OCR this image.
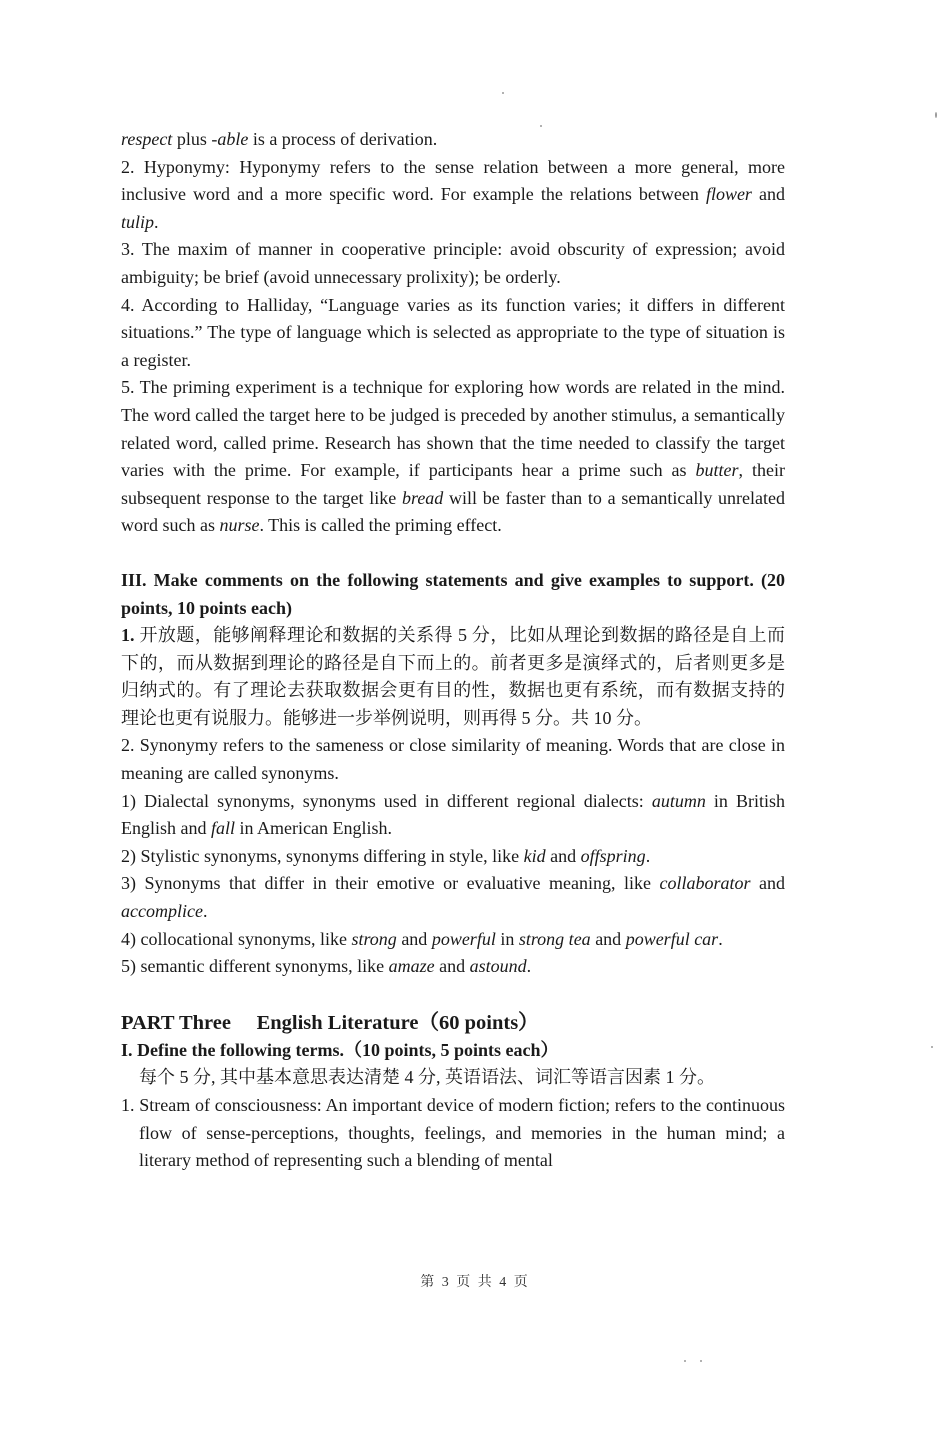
respect plus -able is a process of derivation.

2. Hyponymy: Hyponymy refers to the sense relation between a more general, more inclusive word and a more specific word. For example the relations between flower and tulip.

3. The maxim of manner in cooperative principle: avoid obscurity of expression; avoid ambiguity; be brief (avoid unnecessary prolixity); be orderly.

4. According to Halliday, “Language varies as its function varies; it differs in different situations.” The type of language which is selected as appropriate to the type of situation is a register.

5. The priming experiment is a technique for exploring how words are related in the mind. The word called the target here to be judged is preceded by another stimulus, a semantically related word, called prime. Research has shown that the time needed to classify the target varies with the prime. For example, if participants hear a prime such as butter, their subsequent response to the target like bread will be faster than to a semantically unrelated word such as nurse. This is called the priming effect.

III. Make comments on the following statements and give examples to support. (20 points, 10 points each)

1. 开放题，能够阐释理论和数据的关系得 5 分，比如从理论到数据的路径是自上而下的，而从数据到理论的路径是自下而上的。前者更多是演绎式的，后者则更多是归纳式的。有了理论去获取数据会更有目的性，数据也更有系统，而有数据支持的理论也更有说服力。能够进一步举例说明，则再得 5 分。共 10 分。

2. Synonymy refers to the sameness or close similarity of meaning. Words that are close in meaning are called synonyms.

1) Dialectal synonyms, synonyms used in different regional dialects: autumn in British English and fall in American English.

2) Stylistic synonyms, synonyms differing in style, like kid and offspring.

3) Synonyms that differ in their emotive or evaluative meaning, like collaborator and accomplice.

4) collocational synonyms, like strong and powerful in strong tea and powerful car.

5) semantic different synonyms, like amaze and astound.

PART Three     English Literature（60 points）

I. Define the following terms.（10 points, 5 points each）

每个 5 分, 其中基本意思表达清楚 4 分, 英语语法、词汇等语言因素 1 分。

1. Stream of consciousness: An important device of modern fiction; refers to the continuous flow of sense-perceptions, thoughts, feelings, and memories in the human mind; a literary method of representing such a blending of mental

第 3 页 共 4 页
